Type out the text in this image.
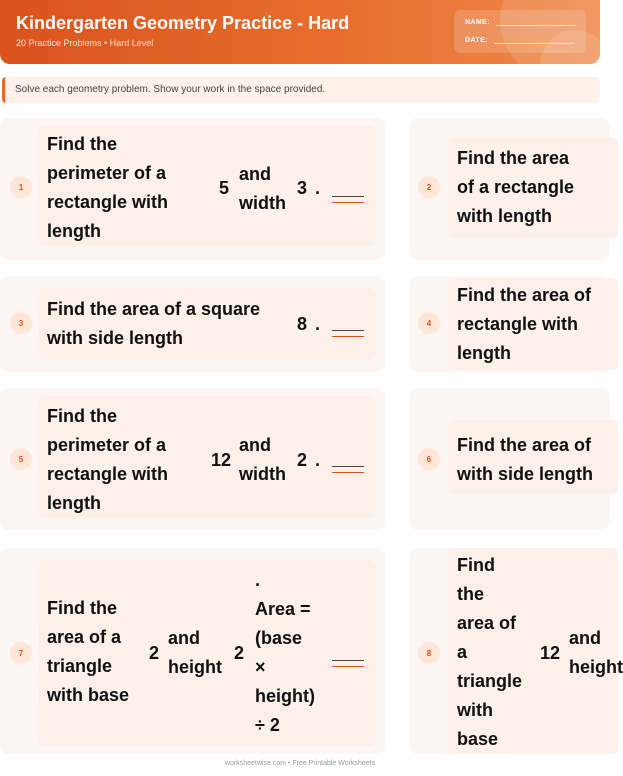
Kindergarten Geometry Practice - Hard
20 Practice Problems • Hard Level
NAME:
DATE:
Solve each geometry problem. Show your work in the space provided.
1
Find the
perimeter of a
rectangle with
length
5
and
width
3 .	2
Find the area
of a rectangle
with length
3
Find the area of a square
with side length
8 .	4
Find the area of
rectangle with
length
5
Find the
perimeter of a
rectangle with
length
12
and
width
2 .	6
Find the area of
with side length
7
Find the
area of a
triangle
with base
2
and
height
2
.
Area =
(base
×
height)
÷ 2
8
Find
the
area of
a
triangle
with
base
12
and
height
worksheetwise.com • Free Printable Worksheets
